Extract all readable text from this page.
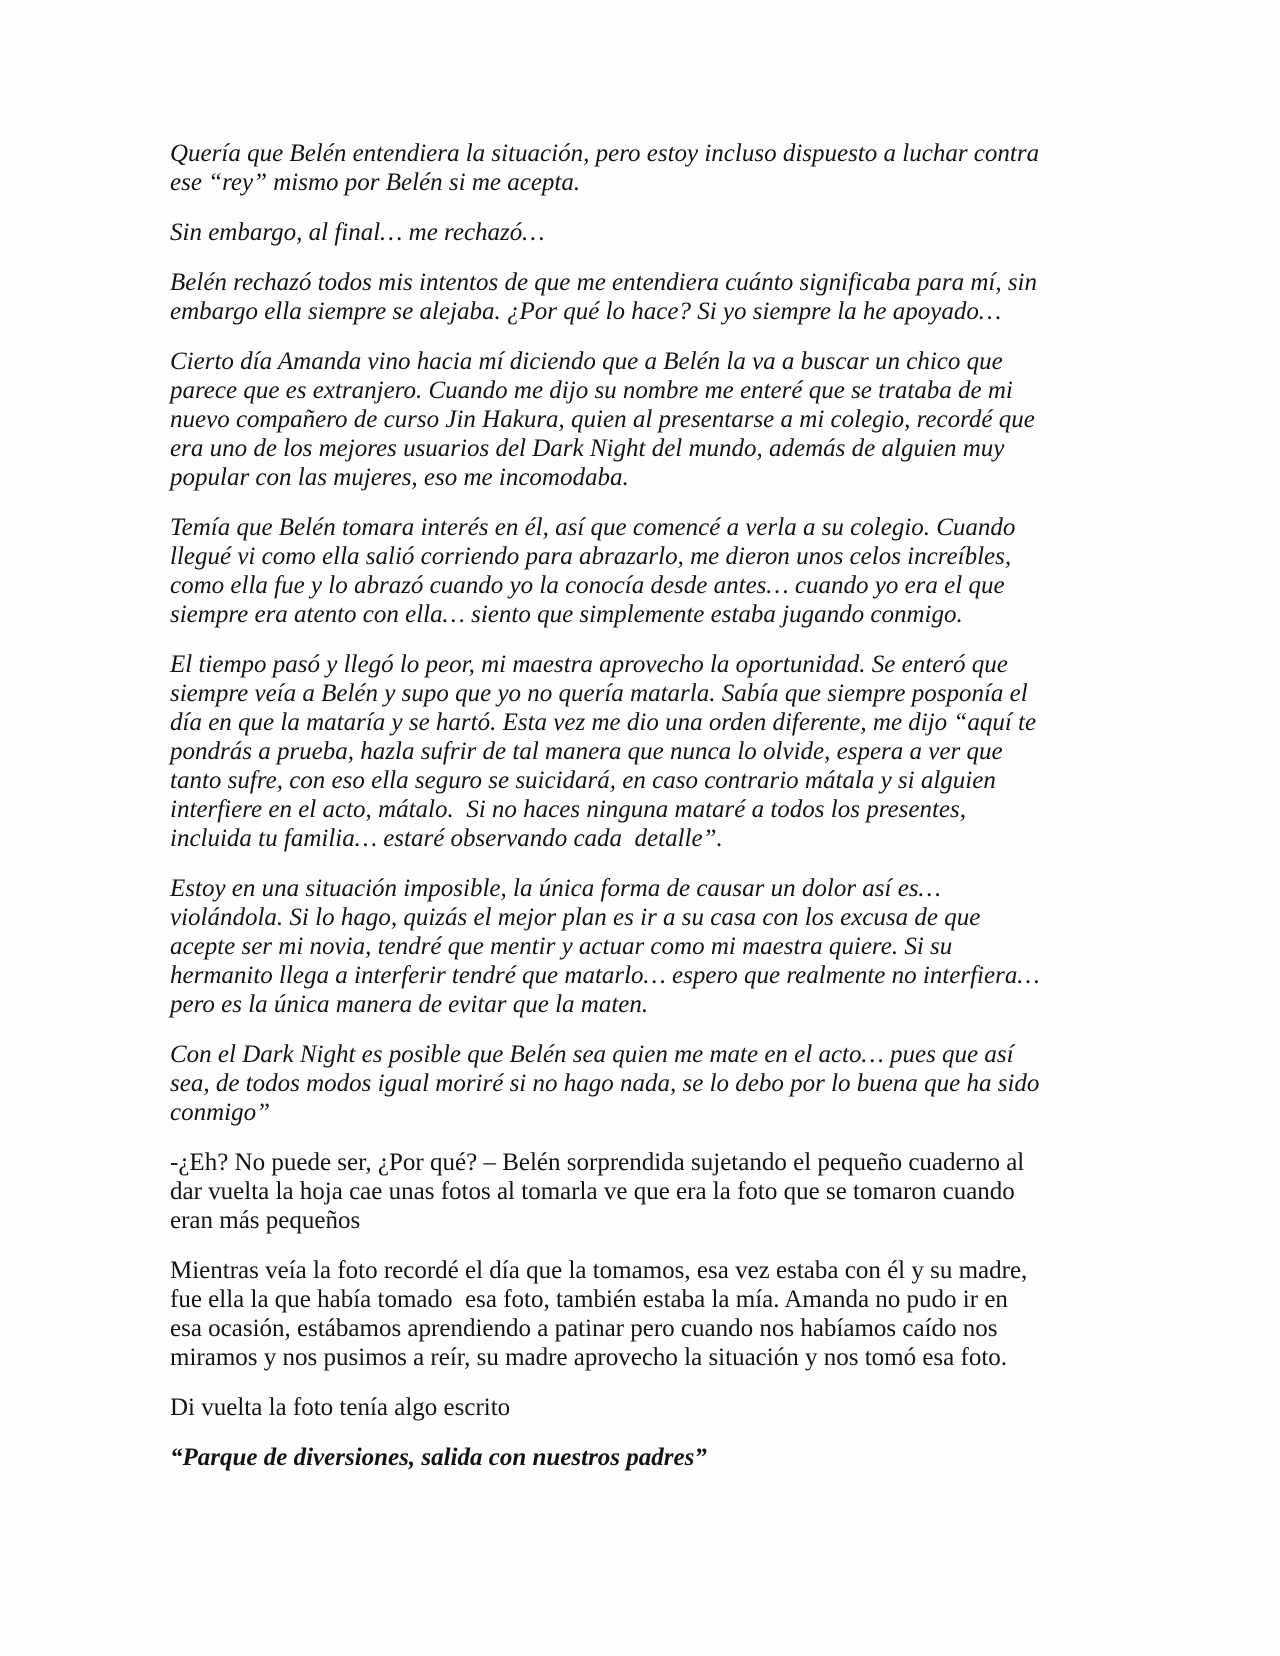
Quería que Belén entendiera la situación, pero estoy incluso dispuesto a luchar contra ese “rey” mismo por Belén si me acepta.

Sin embargo, al final… me rechazó…

Belén rechazó todos mis intentos de que me entendiera cuánto significaba para mí, sin embargo ella siempre se alejaba. ¿Por qué lo hace? Si yo siempre la he apoyado…

Cierto día Amanda vino hacia mí diciendo que a Belén la va a buscar un chico que parece que es extranjero. Cuando me dijo su nombre me enteré que se trataba de mi nuevo compañero de curso Jin Hakura, quien al presentarse a mi colegio, recordé que era uno de los mejores usuarios del Dark Night del mundo, además de alguien muy popular con las mujeres, eso me incomodaba.

Temía que Belén tomara interés en él, así que comencé a verla a su colegio. Cuando llegué vi como ella salió corriendo para abrazarlo, me dieron unos celos increíbles, como ella fue y lo abrazó cuando yo la conocía desde antes… cuando yo era el que siempre era atento con ella… siento que simplemente estaba jugando conmigo.

El tiempo pasó y llegó lo peor, mi maestra aprovecho la oportunidad. Se enteró que siempre veía a Belén y supo que yo no quería matarla. Sabía que siempre posponía el día en que la mataría y se hartó. Esta vez me dio una orden diferente, me dijo “aquí te pondrás a prueba, hazla sufrir de tal manera que nunca lo olvide, espera a ver que tanto sufre, con eso ella seguro se suicidará, en caso contrario mátala y si alguien interfiere en el acto, mátalo.  Si no haces ninguna mataré a todos los presentes, incluida tu familia… estaré observando cada  detalle”.

Estoy en una situación imposible, la única forma de causar un dolor así es… violándola. Si lo hago, quizás el mejor plan es ir a su casa con los excusa de que acepte ser mi novia, tendré que mentir y actuar como mi maestra quiere. Si su hermanito llega a interferir tendré que matarlo… espero que realmente no interfiera… pero es la única manera de evitar que la maten.

Con el Dark Night es posible que Belén sea quien me mate en el acto… pues que así sea, de todos modos igual moriré si no hago nada, se lo debo por lo buena que ha sido conmigo”

-¿Eh? No puede ser, ¿Por qué? – Belén sorprendida sujetando el pequeño cuaderno al dar vuelta la hoja cae unas fotos al tomarla ve que era la foto que se tomaron cuando eran más pequeños

Mientras veía la foto recordé el día que la tomamos, esa vez estaba con él y su madre, fue ella la que había tomado  esa foto, también estaba la mía. Amanda no pudo ir en esa ocasión, estábamos aprendiendo a patinar pero cuando nos habíamos caído nos miramos y nos pusimos a reír, su madre aprovecho la situación y nos tomó esa foto.

Di vuelta la foto tenía algo escrito

“Parque de diversiones, salida con nuestros padres”
